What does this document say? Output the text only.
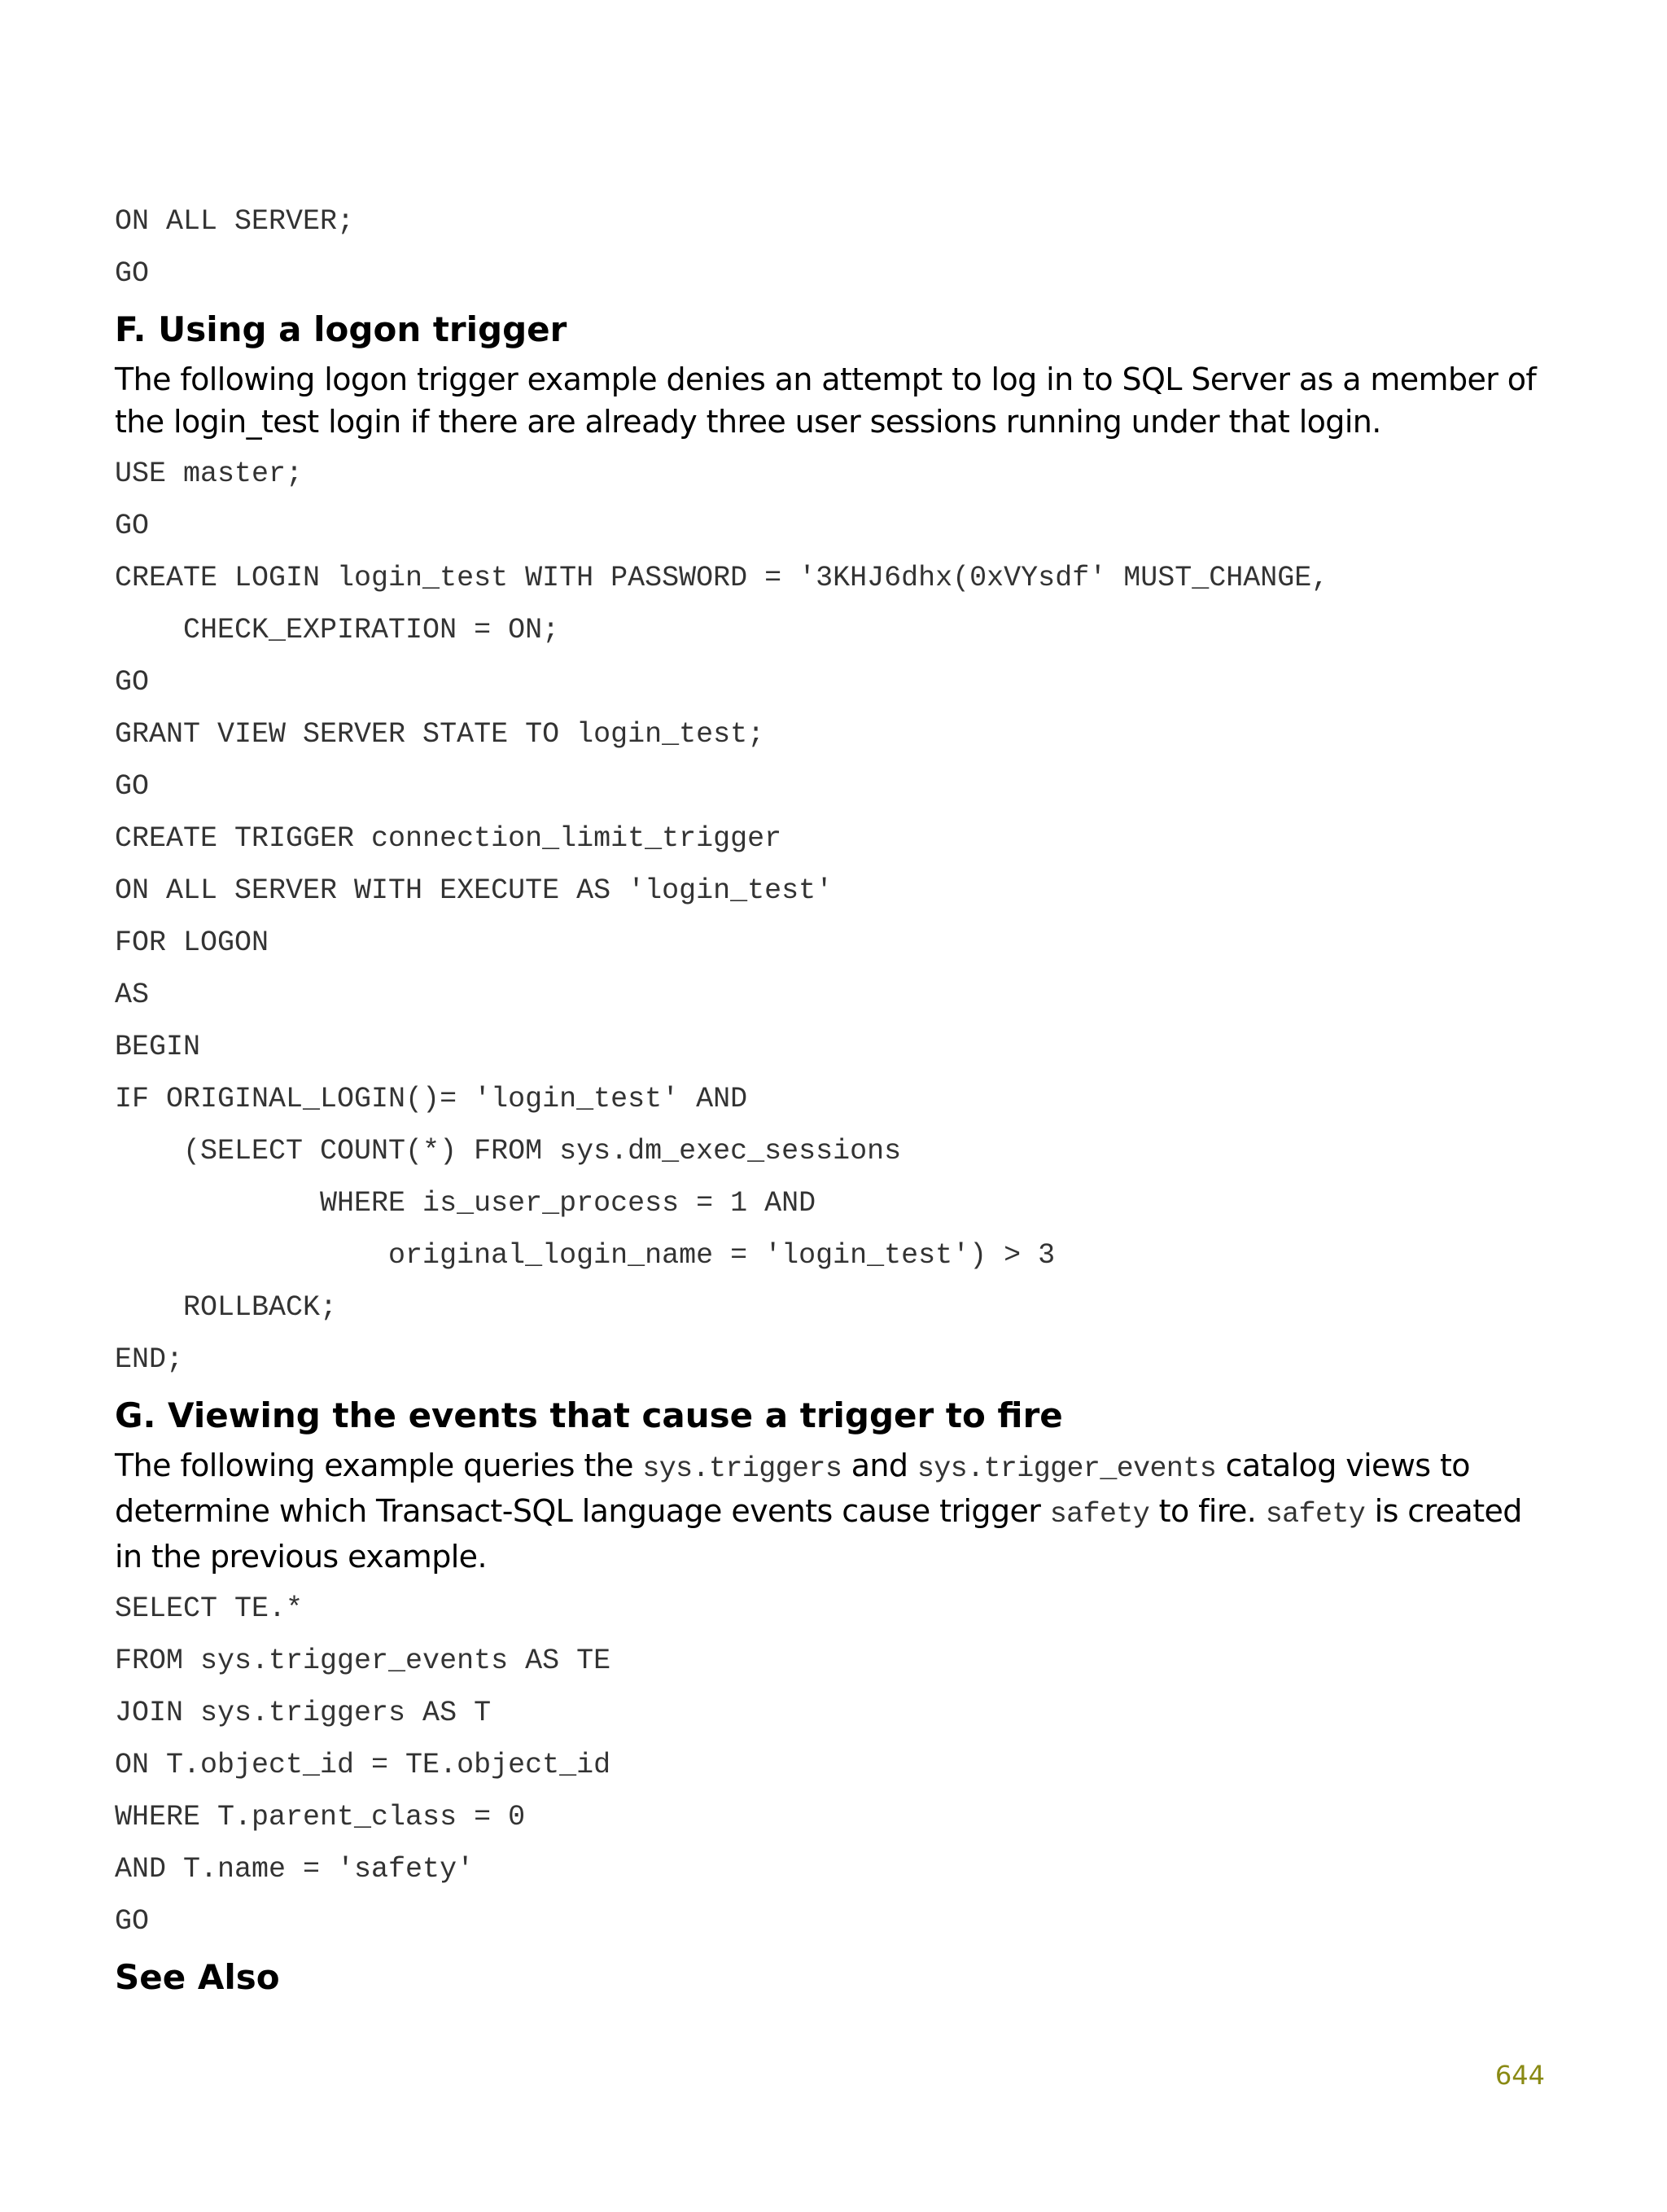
ON ALL SERVER;
GO
F. Using a logon trigger

The following logon trigger example denies an attempt to log in to SQL Server as a member of the login_test login if there are already three user sessions running under that login.

USE master;
GO
CREATE LOGIN login_test WITH PASSWORD = '3KHJ6dhx(0xVYsdf' MUST_CHANGE,
CHECK_EXPIRATION = ON;
GO
GRANT VIEW SERVER STATE TO login_test;
GO
CREATE TRIGGER connection_limit_trigger
ON ALL SERVER WITH EXECUTE AS 'login_test'
FOR LOGON
AS
BEGIN
IF ORIGINAL_LOGIN()= 'login_test' AND
(SELECT COUNT(*) FROM sys.dm_exec_sessions
WHERE is_user_process = 1 AND
original_login_name = 'login_test') > 3
ROLLBACK;
END;
G. Viewing the events that cause a trigger to fire

The following example queries the sys.triggers and sys.trigger_events catalog views to determine which Transact-SQL language events cause trigger safety to fire. safety is created in the previous example.

SELECT TE.*
FROM sys.trigger_events AS TE
JOIN sys.triggers AS T
ON T.object_id = TE.object_id
WHERE T.parent_class = 0
AND T.name = 'safety'
GO
See Also
644
